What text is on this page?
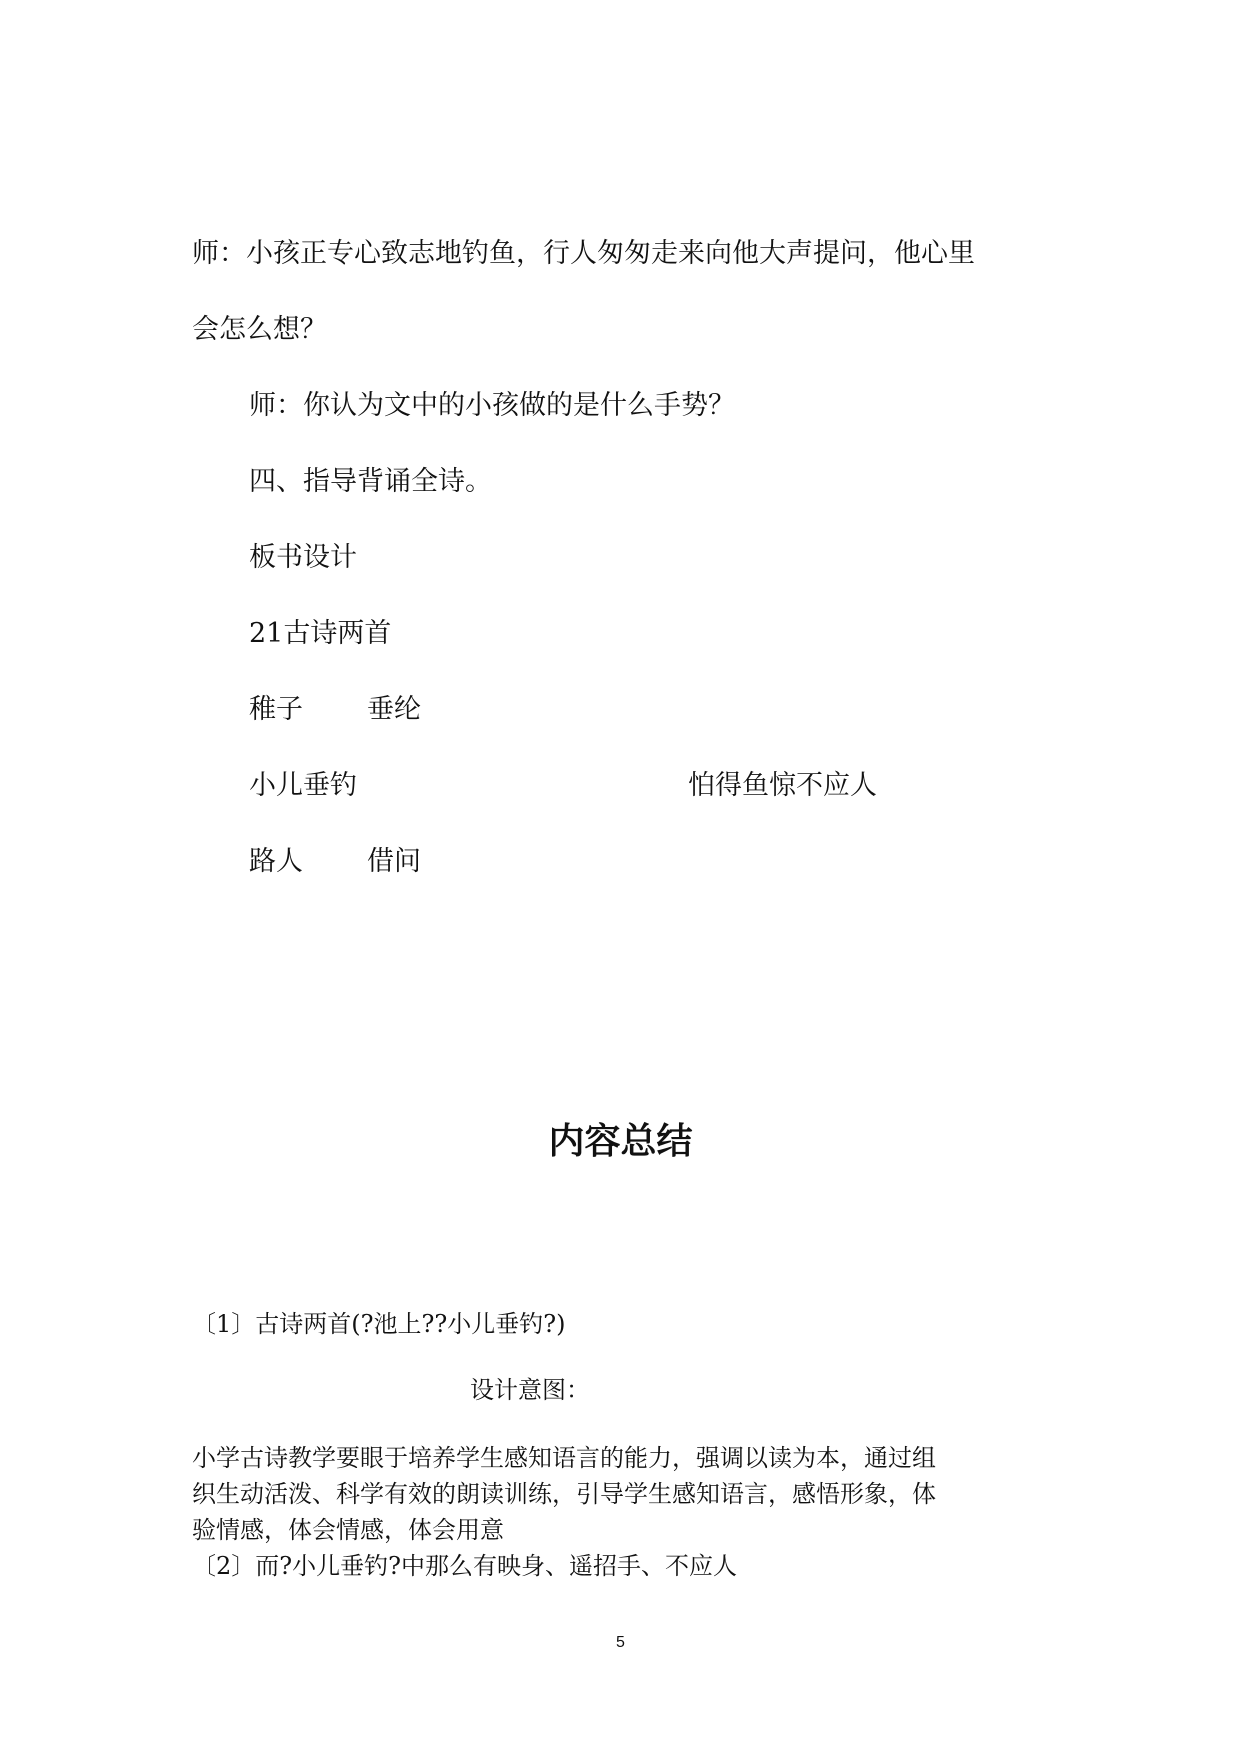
师：小孩正专心致志地钓鱼，行人匆匆走来向他大声提问，他心里
会怎么想？
师：你认为文中的小孩做的是什么手势？
四、指导背诵全诗。
板书设计
21古诗两首
稚子 垂纶
小儿垂钓	怕得鱼惊不应人
路人 借问
内容总结
〔1〕古诗两首(?池上??小儿垂钓?)
设计意图：
小学古诗教学要眼于培养学生感知语言的能力，强调以读为本，通过组
织生动活泼、科学有效的朗读训练，引导学生感知语言，感悟形象，体
验情感，体会情感，体会用意
〔2〕而?小儿垂钓?中那么有映身、遥招手、不应人
5
